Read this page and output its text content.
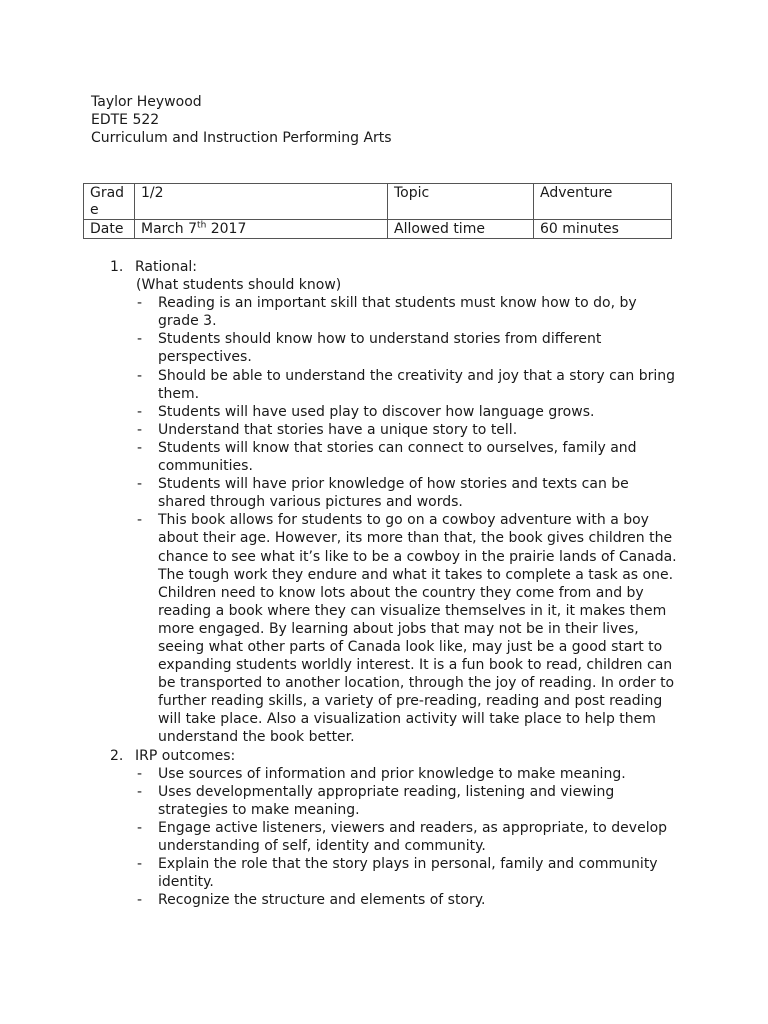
Taylor Heywood
EDTE 522
Curriculum and Instruction Performing Arts
Grade	1/2	Topic	Adventure
Date	March 7th 2017	Allowed time	60 minutes
1. Rational:
(What students should know)
- Reading is an important skill that students must know how to do, by grade 3.
- Students should know how to understand stories from different perspectives.
- Should be able to understand the creativity and joy that a story can bring them.
- Students will have used play to discover how language grows.
- Understand that stories have a unique story to tell.
- Students will know that stories can connect to ourselves, family and communities.
- Students will have prior knowledge of how stories and texts can be shared through various pictures and words.
- This book allows for students to go on a cowboy adventure with a boy about their age. However, its more than that, the book gives children the chance to see what it’s like to be a cowboy in the prairie lands of Canada. The tough work they endure and what it takes to complete a task as one. Children need to know lots about the country they come from and by reading a book where they can visualize themselves in it, it makes them more engaged. By learning about jobs that may not be in their lives, seeing what other parts of Canada look like, may just be a good start to expanding students worldly interest. It is a fun book to read, children can be transported to another location, through the joy of reading. In order to further reading skills, a variety of pre-reading, reading and post reading will take place. Also a visualization activity will take place to help them understand the book better.
2. IRP outcomes:
- Use sources of information and prior knowledge to make meaning.
- Uses developmentally appropriate reading, listening and viewing strategies to make meaning.
- Engage active listeners, viewers and readers, as appropriate, to develop understanding of self, identity and community.
- Explain the role that the story plays in personal, family and community identity.
- Recognize the structure and elements of story.
